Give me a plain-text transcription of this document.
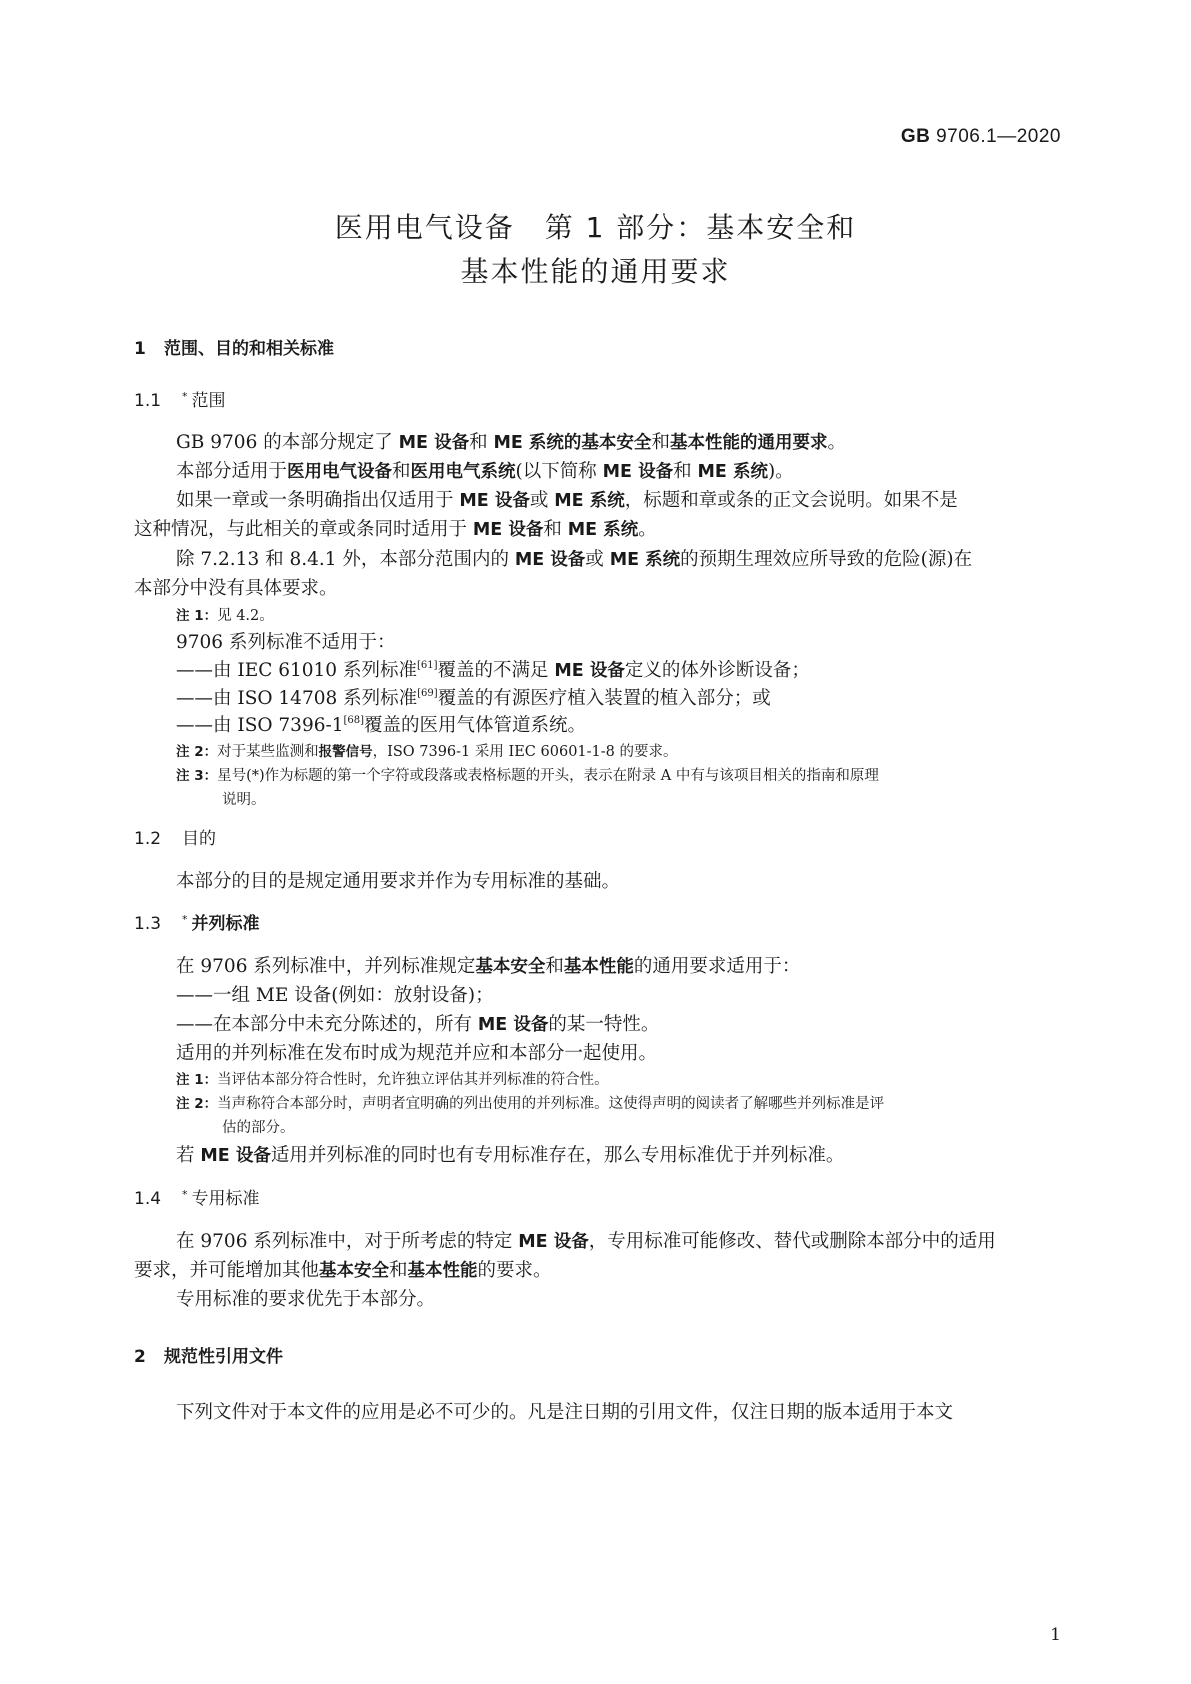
GB 9706.1—2020
医用电气设备　第 1 部分：基本安全和
基本性能的通用要求
1 范围、目的和相关标准
1.1 * 范围
GB 9706 的本部分规定了 ME 设备和 ME 系统的基本安全和基本性能的通用要求。
本部分适用于医用电气设备和医用电气系统(以下简称 ME 设备和 ME 系统)。
如果一章或一条明确指出仅适用于 ME 设备或 ME 系统，标题和章或条的正文会说明。如果不是
这种情况，与此相关的章或条同时适用于 ME 设备和 ME 系统。
除 7.2.13 和 8.4.1 外，本部分范围内的 ME 设备或 ME 系统的预期生理效应所导致的危险(源)在
本部分中没有具体要求。
注 1：见 4.2。
9706 系列标准不适用于：
——由 IEC 61010 系列标准[61]覆盖的不满足 ME 设备定义的体外诊断设备；
——由 ISO 14708 系列标准[69]覆盖的有源医疗植入装置的植入部分；或
——由 ISO 7396-1[68]覆盖的医用气体管道系统。
注 2：对于某些监测和报警信号，ISO 7396-1 采用 IEC 60601-1-8 的要求。
注 3：星号(*)作为标题的第一个字符或段落或表格标题的开头，表示在附录 A 中有与该项目相关的指南和原理
说明。
1.2 目的
本部分的目的是规定通用要求并作为专用标准的基础。
1.3 * 并列标准
在 9706 系列标准中，并列标准规定基本安全和基本性能的通用要求适用于：
——一组 ME 设备(例如：放射设备)；
——在本部分中未充分陈述的，所有 ME 设备的某一特性。
适用的并列标准在发布时成为规范并应和本部分一起使用。
注 1：当评估本部分符合性时，允许独立评估其并列标准的符合性。
注 2：当声称符合本部分时，声明者宜明确的列出使用的并列标准。这使得声明的阅读者了解哪些并列标准是评
估的部分。
若 ME 设备适用并列标准的同时也有专用标准存在，那么专用标准优于并列标准。
1.4 * 专用标准
在 9706 系列标准中，对于所考虑的特定 ME 设备，专用标准可能修改、替代或删除本部分中的适用
要求，并可能增加其他基本安全和基本性能的要求。
专用标准的要求优先于本部分。
2 规范性引用文件
下列文件对于本文件的应用是必不可少的。凡是注日期的引用文件，仅注日期的版本适用于本文
1
